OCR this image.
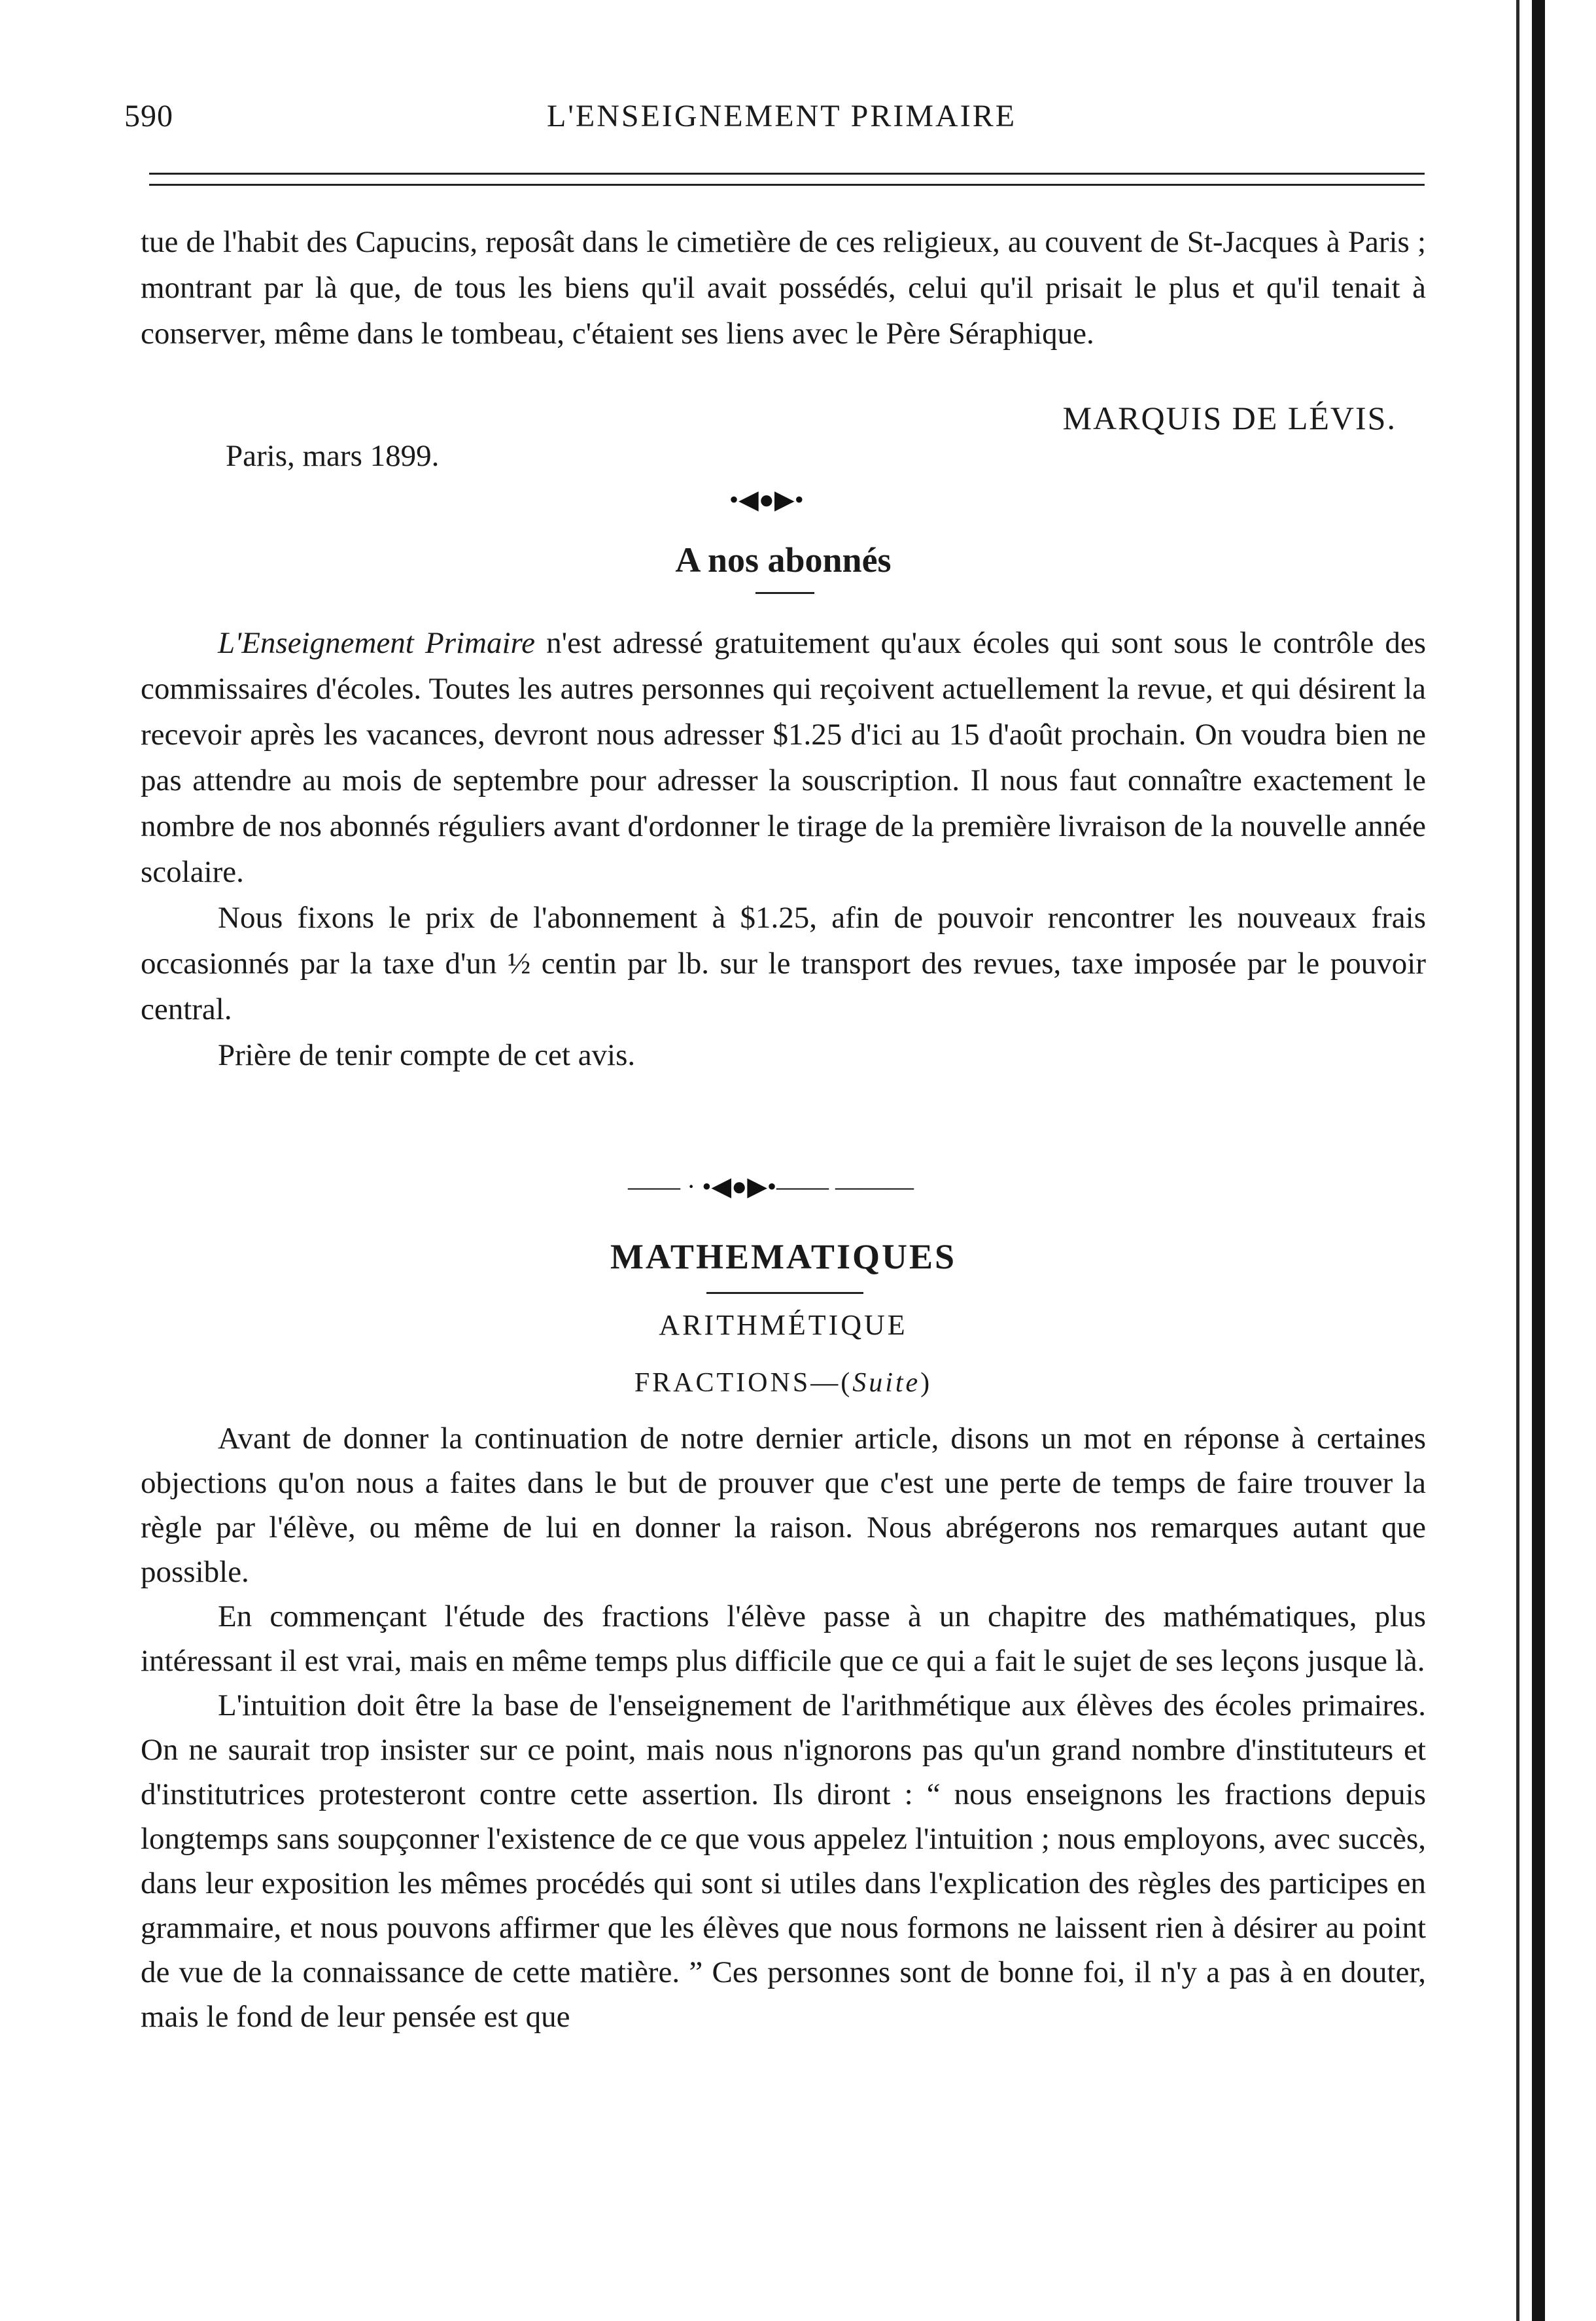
590	L'ENSEIGNEMENT PRIMAIRE

tue de l'habit des Capucins, reposât dans le cimetière de ces religieux, au couvent de St-Jacques à Paris ; montrant par là que, de tous les biens qu'il avait possédés, celui qu'il prisait le plus et qu'il tenait à conserver, même dans le tombeau, c'étaient ses liens avec le Père Séraphique.

MARQUIS DE LÉVIS.
Paris, mars 1899.
•◀●▶•
A nos abonnés

L'Enseignement Primaire n'est adressé gratuitement qu'aux écoles qui sont sous le contrôle des commissaires d'écoles. Toutes les autres personnes qui reçoivent actuellement la revue, et qui désirent la recevoir après les vacances, devront nous adresser $1.25 d'ici au 15 d'août prochain. On voudra bien ne pas attendre au mois de septembre pour adresser la souscription. Il nous faut connaître exactement le nombre de nos abonnés réguliers avant d'ordonner le tirage de la première livraison de la nouvelle année scolaire.

Nous fixons le prix de l'abonnement à $1.25, afin de pouvoir rencontrer les nouveaux frais occasionnés par la taxe d'un ½ centin par lb. sur le transport des revues, taxe imposée par le pouvoir central.

Prière de tenir compte de cet avis.

—— · •◀●▶•—— ———
MATHEMATIQUES
ARITHMÉTIQUE
FRACTIONS—(Suite)

Avant de donner la continuation de notre dernier article, disons un mot en réponse à certaines objections qu'on nous a faites dans le but de prouver que c'est une perte de temps de faire trouver la règle par l'élève, ou même de lui en donner la raison. Nous abrégerons nos remarques autant que possible.

En commençant l'étude des fractions l'élève passe à un chapitre des mathématiques, plus intéressant il est vrai, mais en même temps plus difficile que ce qui a fait le sujet de ses leçons jusque là.

L'intuition doit être la base de l'enseignement de l'arithmétique aux élèves des écoles primaires. On ne saurait trop insister sur ce point, mais nous n'ignorons pas qu'un grand nombre d'instituteurs et d'institutrices protesteront contre cette assertion. Ils diront : “ nous enseignons les fractions depuis longtemps sans soupçonner l'existence de ce que vous appelez l'intuition ; nous employons, avec succès, dans leur exposition les mêmes procédés qui sont si utiles dans l'explication des règles des participes en grammaire, et nous pouvons affirmer que les élèves que nous formons ne laissent rien à désirer au point de vue de la connaissance de cette matière. ” Ces personnes sont de bonne foi, il n'y a pas à en douter, mais le fond de leur pensée est que
